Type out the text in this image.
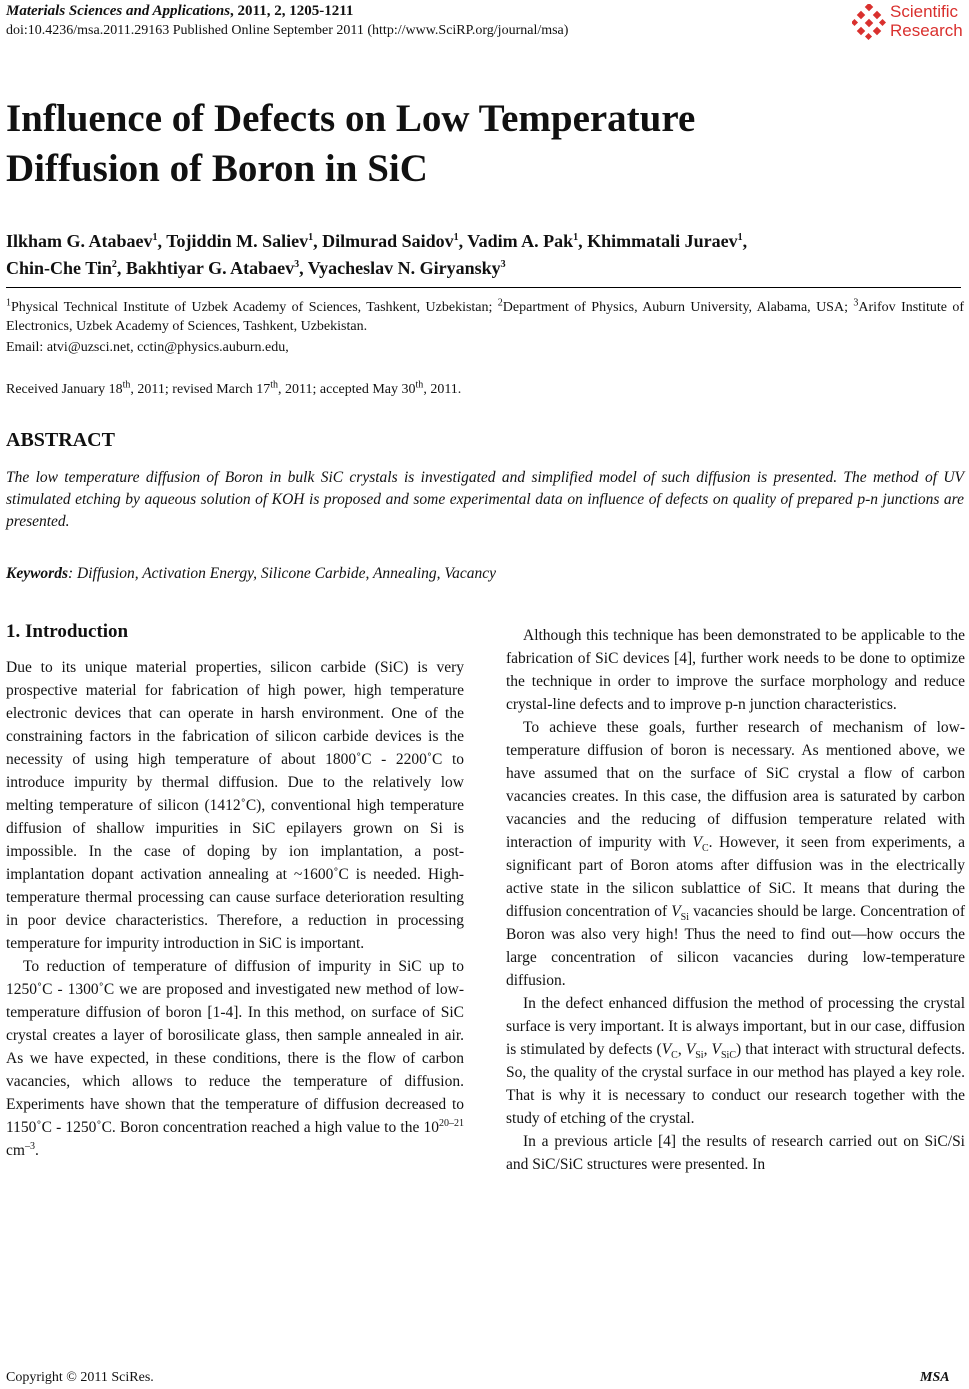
Materials Sciences and Applications, 2011, 2, 1205-1211
doi:10.4236/msa.2011.29163 Published Online September 2011 (http://www.SciRP.org/journal/msa)
Scientific
Research
Influence of Defects on Low Temperature
Diffusion of Boron in SiC
Ilkham G. Atabaev$^1$, Tojiddin M. Saliev$^1$, Dilmurad Saidov$^1$, Vadim A. Pak$^1$, Khimmatali Juraev$^1$,
Chin-Che Tin$^2$, Bakhtiyar G. Atabaev$^3$, Vyacheslav N. Giryansky$^3$
$^1$Physical Technical Institute of Uzbek Academy of Sciences, Tashkent, Uzbekistan; $^2$Department of Physics, Auburn University, Alabama, USA; $^3$Arifov Institute of Electronics, Uzbek Academy of Sciences, Tashkent, Uzbekistan.
Email: atvi@uzsci.net, cctin@physics.auburn.edu,
Received January 18th, 2011; revised March 17th, 2011; accepted May 30th, 2011.
ABSTRACT
The low temperature diffusion of Boron in bulk SiC crystals is investigated and simplified model of such diffusion is presented. The method of UV stimulated etching by aqueous solution of KOH is proposed and some experimental data on influence of defects on quality of prepared p-n junctions are presented.
Keywords: Diffusion, Activation Energy, Silicone Carbide, Annealing, Vacancy
1. Introduction

Due to its unique material properties, silicon carbide (SiC) is very prospective material for fabrication of high power, high temperature electronic devices that can operate in harsh environment. One of the constraining factors in the fabrication of silicon carbide devices is the necessity of using high temperature of about 1800˚C - 2200˚C to introduce impurity by thermal diffusion. Due to the relatively low melting temperature of silicon (1412˚C), conventional high temperature diffusion of shallow impurities in SiC epilayers grown on Si is impossible. In the case of doping by ion implantation, a post-implantation dopant activation annealing at ~1600˚C is needed. High-temperature thermal processing can cause surface deterioration resulting in poor device characteristics. Therefore, a reduction in processing temperature for impurity introduction in SiC is important.

To reduction of temperature of diffusion of impurity in SiC up to 1250˚C - 1300˚C we are proposed and investigated new method of low-temperature diffusion of boron [1-4]. In this method, on surface of SiC crystal creates a layer of borosilicate glass, then sample annealed in air. As we have expected, in these conditions, there is the flow of carbon vacancies, which allows to reduce the temperature of diffusion. Experiments have shown that the temperature of diffusion decreased to 1150˚C - 1250˚C. Boron concentration reached a high value to the 10$^{20-21}$ $cm^{-3}$.

Although this technique has been demonstrated to be applicable to the fabrication of SiC devices [4], further work needs to be done to optimize the technique in order to improve the surface morphology and reduce crystal-line defects and to improve p-n junction characteristics.

To achieve these goals, further research of mechanism of low-temperature diffusion of boron is necessary. As mentioned above, we have assumed that on the surface of SiC crystal a flow of carbon vacancies creates. In this case, the diffusion area is saturated by carbon vacancies and the reducing of diffusion temperature related with interaction of impurity with $V_C$. However, it seen from experiments, a significant part of Boron atoms after diffusion was in the electrically active state in the silicon sublattice of SiC. It means that during the diffusion concentration of $V_{Si}$ vacancies should be large. Concentration of Boron was also very high! Thus the need to find out—how occurs the large concentration of silicon vacancies during low-temperature diffusion.

In the defect enhanced diffusion the method of processing the crystal surface is very important. It is always important, but in our case, diffusion is stimulated by defects ($V_C$, $V_{Si}$, $V_{SiC}$) that interact with structural defects. So, the quality of the crystal surface in our method has played a key role. That is why it is necessary to conduct our research together with the study of etching of the crystal.

In a previous article [4] the results of research carried out on SiC/Si and SiC/SiC structures were presented. In

Copyright © 2011 SciRes.	MSA
